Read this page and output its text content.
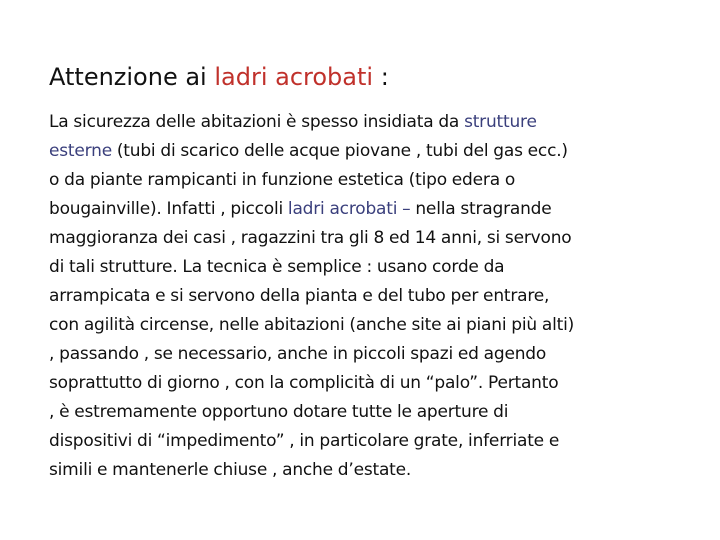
Attenzione ai ladri acrobati :
La sicurezza delle abitazioni è spesso insidiata da strutture
esterne (tubi di scarico delle acque piovane , tubi del gas ecc.)
o da piante rampicanti in funzione estetica (tipo edera o
bougainville). Infatti , piccoli ladri acrobati – nella stragrande
maggioranza dei casi , ragazzini tra gli 8 ed 14 anni, si servono
di tali strutture. La tecnica è semplice : usano corde da
arrampicata e si servono della pianta e del tubo per entrare,
con agilità circense, nelle abitazioni (anche site ai piani più alti)
, passando , se necessario, anche in piccoli spazi ed agendo
soprattutto di giorno , con la complicità di un “palo”. Pertanto
, è estremamente opportuno dotare tutte le aperture di
dispositivi di “impedimento” , in particolare grate, inferriate e
simili e mantenerle chiuse , anche d’estate.
